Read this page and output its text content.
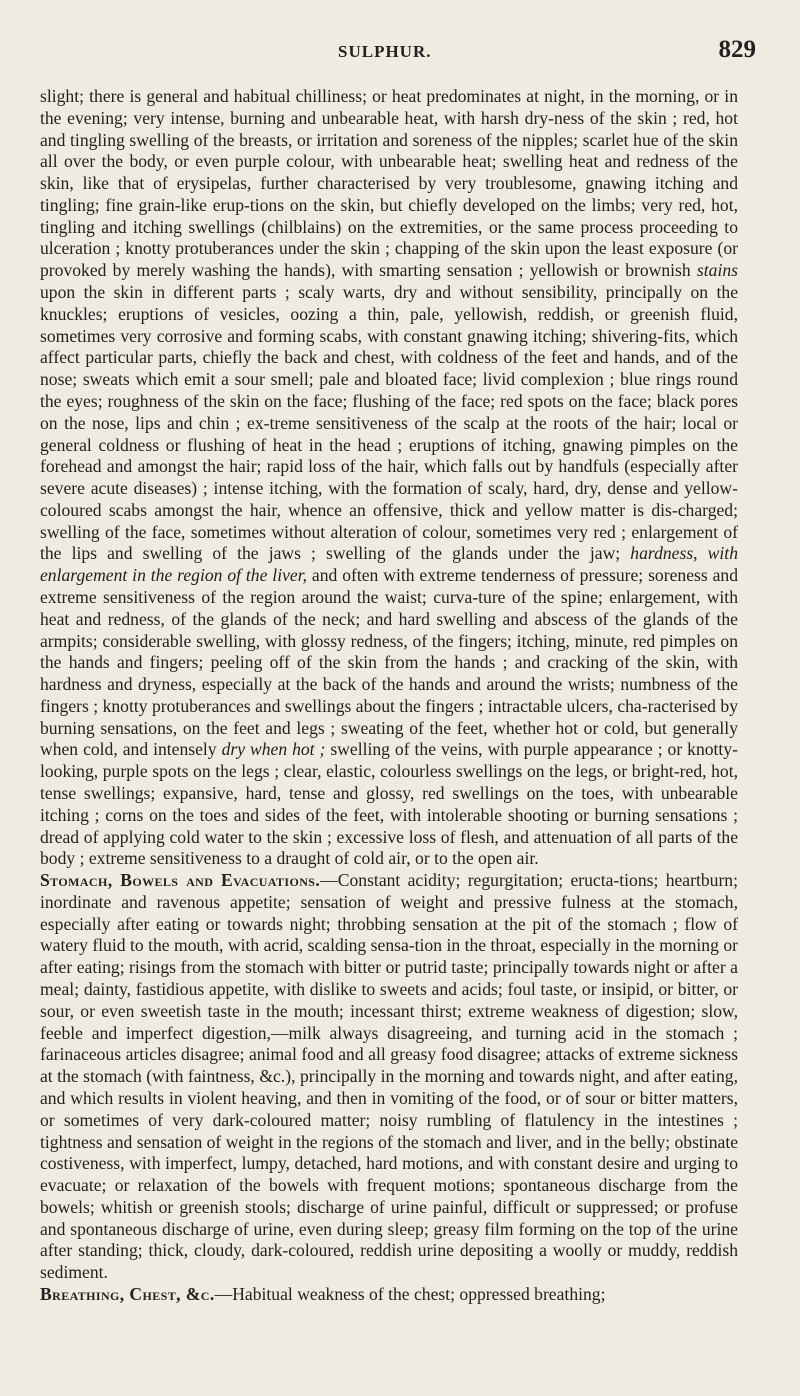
SULPHUR.	829

slight; there is general and habitual chilliness; or heat predominates at night, in the morning, or in the evening; very intense, burning and unbearable heat, with harsh dry-ness of the skin ; red, hot and tingling swelling of the breasts, or irritation and soreness of the nipples; scarlet hue of the skin all over the body, or even purple colour, with unbearable heat; swelling heat and redness of the skin, like that of erysipelas, further characterised by very troublesome, gnawing itching and tingling; fine grain-like erup-tions on the skin, but chiefly developed on the limbs; very red, hot, tingling and itching swellings (chilblains) on the extremities, or the same process proceeding to ulceration ; knotty protuberances under the skin ; chapping of the skin upon the least exposure (or provoked by merely washing the hands), with smarting sensation ; yellowish or brownish stains upon the skin in different parts ; scaly warts, dry and without sensibility, principally on the knuckles; eruptions of vesicles, oozing a thin, pale, yellowish, reddish, or greenish fluid, sometimes very corrosive and forming scabs, with constant gnawing itching; shivering-fits, which affect particular parts, chiefly the back and chest, with coldness of the feet and hands, and of the nose; sweats which emit a sour smell; pale and bloated face; livid complexion ; blue rings round the eyes; roughness of the skin on the face; flushing of the face; red spots on the face; black pores on the nose, lips and chin ; ex-treme sensitiveness of the scalp at the roots of the hair; local or general coldness or flushing of heat in the head ; eruptions of itching, gnawing pimples on the forehead and amongst the hair; rapid loss of the hair, which falls out by handfuls (especially after severe acute diseases) ; intense itching, with the formation of scaly, hard, dry, dense and yellow-coloured scabs amongst the hair, whence an offensive, thick and yellow matter is dis-charged; swelling of the face, sometimes without alteration of colour, sometimes very red ; enlargement of the lips and swelling of the jaws ; swelling of the glands under the jaw; hardness, with enlargement in the region of the liver, and often with extreme tenderness of pressure; soreness and extreme sensitiveness of the region around the waist; curva-ture of the spine; enlargement, with heat and redness, of the glands of the neck; and hard swelling and abscess of the glands of the armpits; considerable swelling, with glossy redness, of the fingers; itching, minute, red pimples on the hands and fingers; peeling off of the skin from the hands ; and cracking of the skin, with hardness and dryness, especially at the back of the hands and around the wrists; numbness of the fingers ; knotty protuberances and swellings about the fingers ; intractable ulcers, cha-racterised by burning sensations, on the feet and legs ; sweating of the feet, whether hot or cold, but generally when cold, and intensely dry when hot ; swelling of the veins, with purple appearance ; or knotty-looking, purple spots on the legs ; clear, elastic, colourless swellings on the legs, or bright-red, hot, tense swellings; expansive, hard, tense and glossy, red swellings on the toes, with unbearable itching ; corns on the toes and sides of the feet, with intolerable shooting or burning sensations ; dread of applying cold water to the skin ; excessive loss of flesh, and attenuation of all parts of the body ; extreme sensitiveness to a draught of cold air, or to the open air.

Stomach, Bowels and Evacuations.—Constant acidity; regurgitation; eructa-tions; heartburn; inordinate and ravenous appetite; sensation of weight and pressive fulness at the stomach, especially after eating or towards night; throbbing sensation at the pit of the stomach ; flow of watery fluid to the mouth, with acrid, scalding sensa-tion in the throat, especially in the morning or after eating; risings from the stomach with bitter or putrid taste; principally towards night or after a meal; dainty, fastidious appetite, with dislike to sweets and acids; foul taste, or insipid, or bitter, or sour, or even sweetish taste in the mouth; incessant thirst; extreme weakness of digestion; slow, feeble and imperfect digestion,—milk always disagreeing, and turning acid in the stomach ; farinaceous articles disagree; animal food and all greasy food disagree; attacks of extreme sickness at the stomach (with faintness, &c.), principally in the morning and towards night, and after eating, and which results in violent heaving, and then in vomiting of the food, or of sour or bitter matters, or sometimes of very dark-coloured matter; noisy rumbling of flatulency in the intestines ; tightness and sensation of weight in the regions of the stomach and liver, and in the belly; obstinate costiveness, with imperfect, lumpy, detached, hard motions, and with constant desire and urging to evacuate; or relaxation of the bowels with frequent motions; spontaneous discharge from the bowels; whitish or greenish stools; discharge of urine painful, difficult or suppressed; or profuse and spontaneous discharge of urine, even during sleep; greasy film forming on the top of the urine after standing; thick, cloudy, dark-coloured, reddish urine depositing a woolly or muddy, reddish sediment.

Breathing, Chest, &c.—Habitual weakness of the chest; oppressed breathing;
